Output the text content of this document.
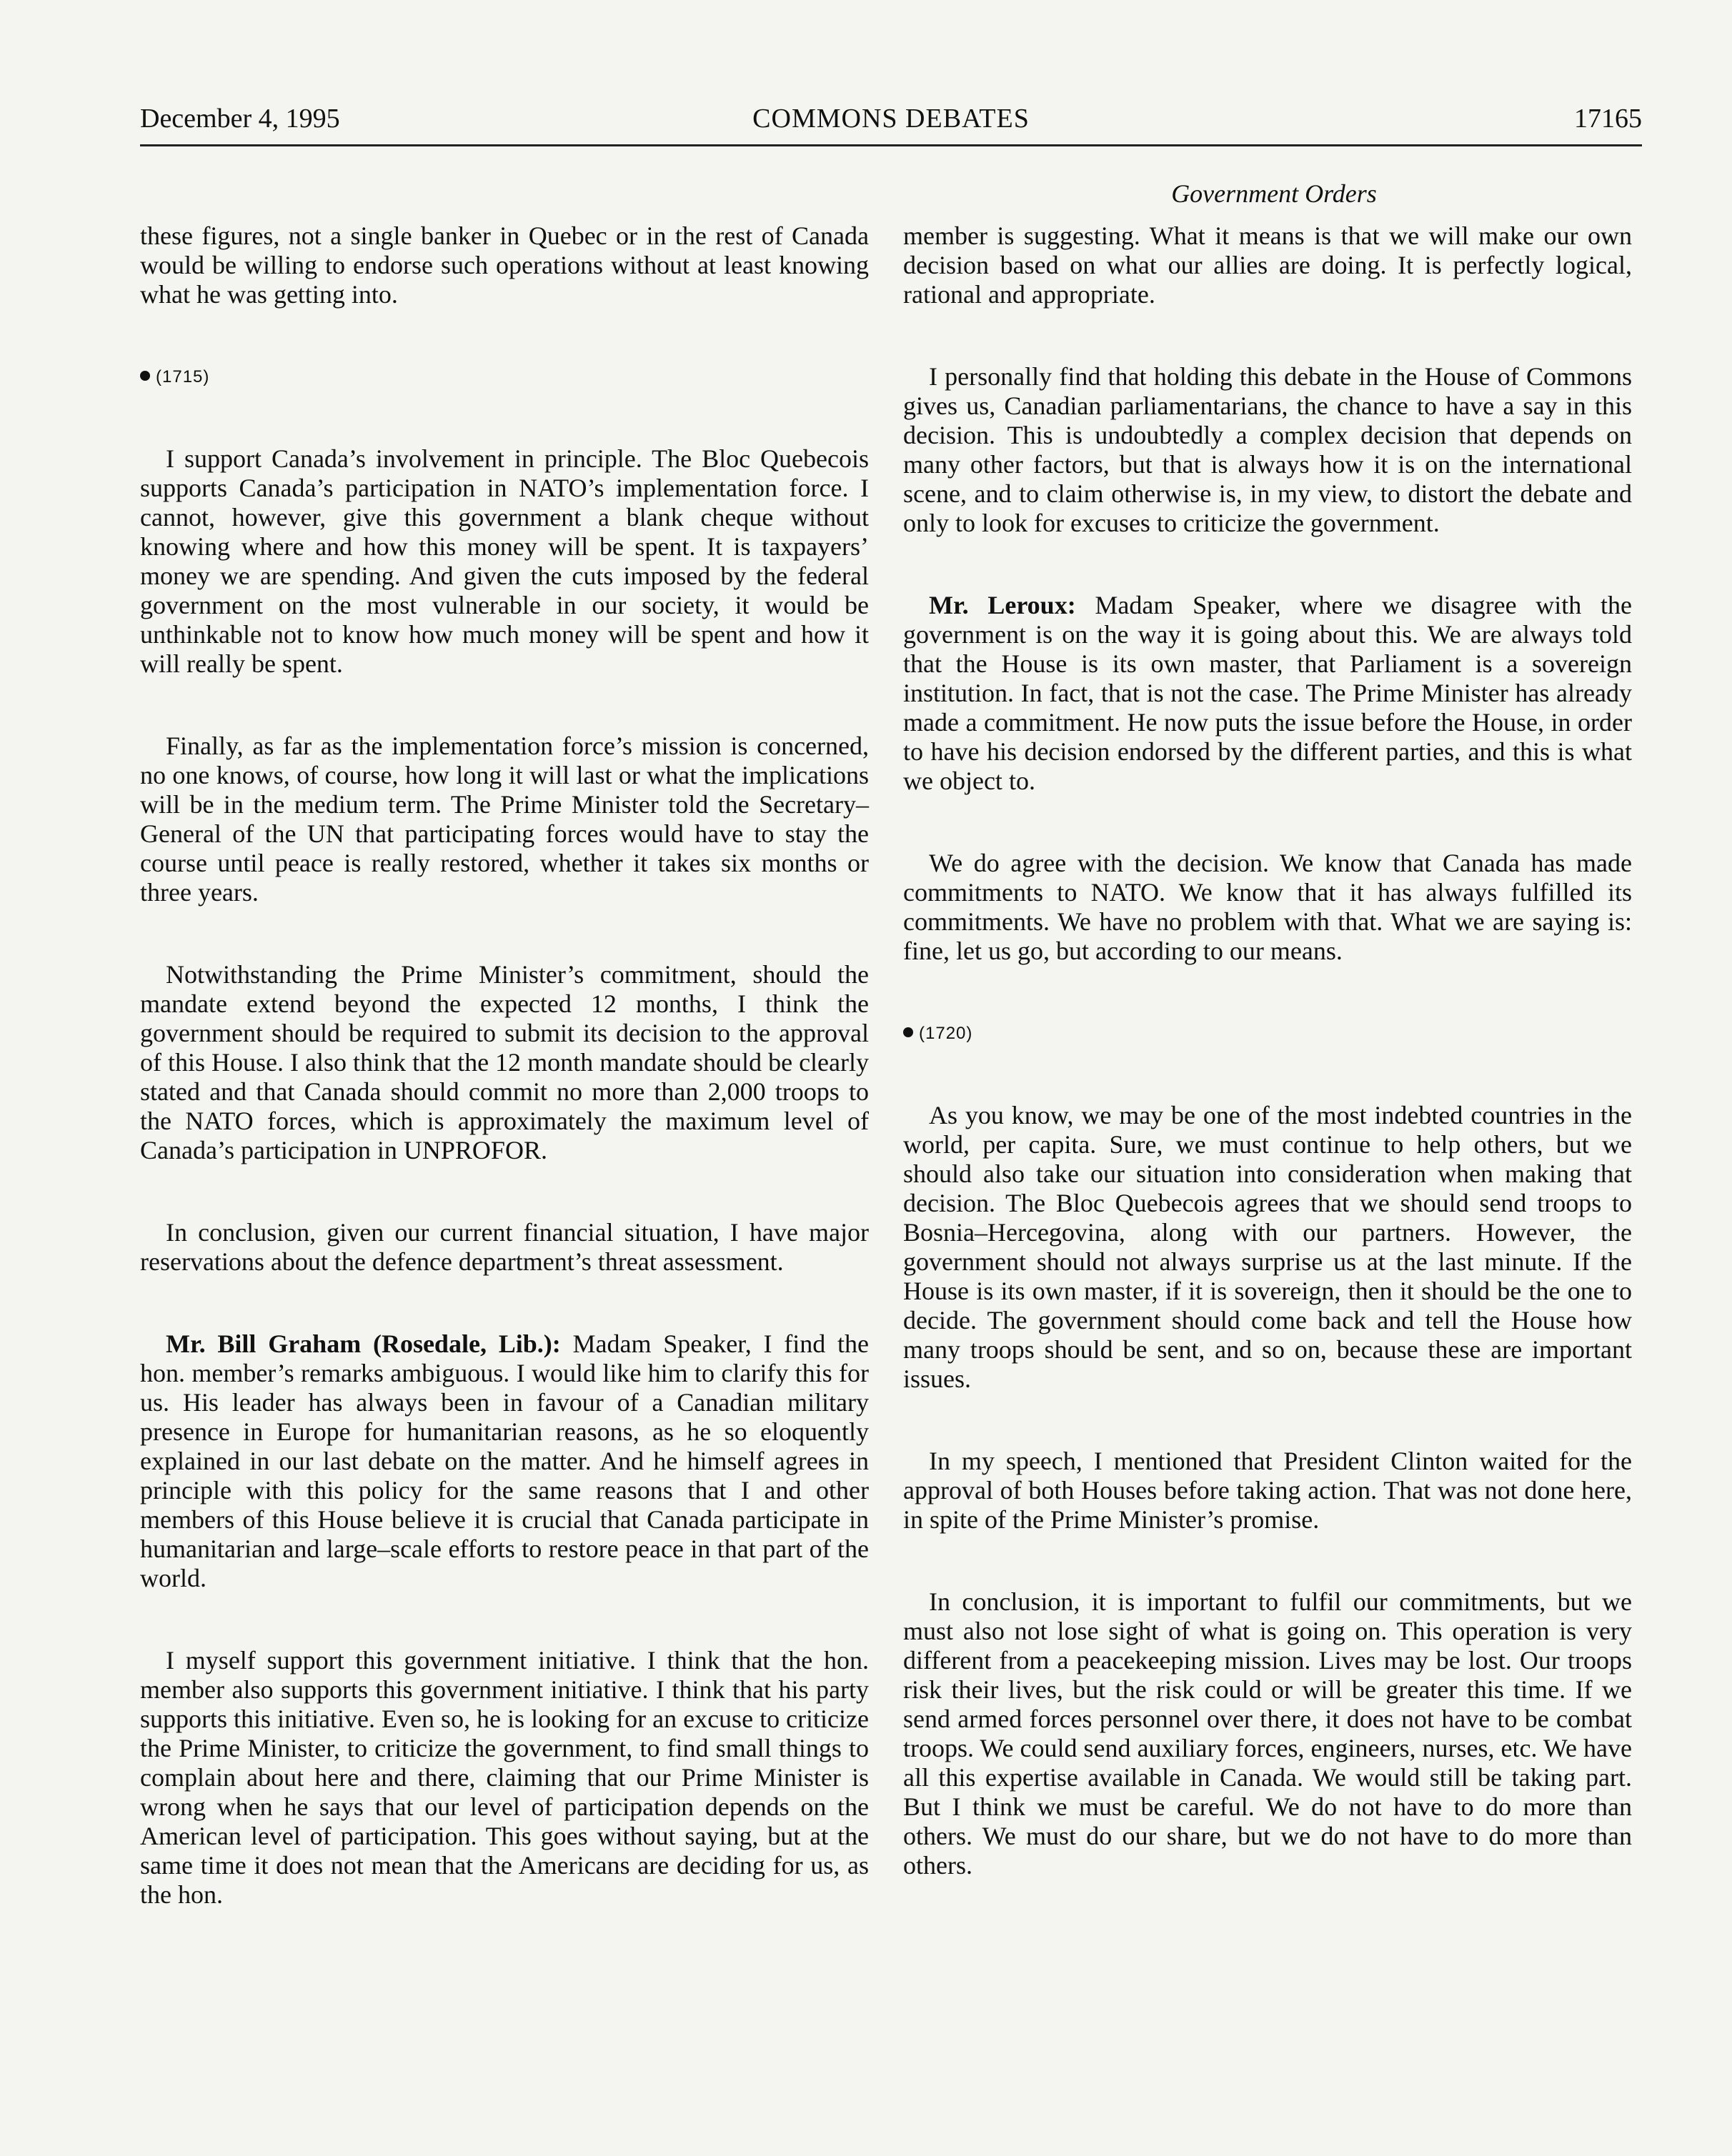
December 4, 1995	COMMONS DEBATES	17165
Government Orders

these figures, not a single banker in Quebec or in the rest of Canada would be willing to endorse such operations without at least knowing what he was getting into.

(1715)

I support Canada’s involvement in principle. The Bloc Quebecois supports Canada’s participation in NATO’s implementation force. I cannot, however, give this government a blank cheque without knowing where and how this money will be spent. It is taxpayers’ money we are spending. And given the cuts imposed by the federal government on the most vulnerable in our society, it would be unthinkable not to know how much money will be spent and how it will really be spent.

Finally, as far as the implementation force’s mission is concerned, no one knows, of course, how long it will last or what the implications will be in the medium term. The Prime Minister told the Secretary–General of the UN that participating forces would have to stay the course until peace is really restored, whether it takes six months or three years.

Notwithstanding the Prime Minister’s commitment, should the mandate extend beyond the expected 12 months, I think the government should be required to submit its decision to the approval of this House. I also think that the 12 month mandate should be clearly stated and that Canada should commit no more than 2,000 troops to the NATO forces, which is approximately the maximum level of Canada’s participation in UNPROFOR.

In conclusion, given our current financial situation, I have major reservations about the defence department’s threat assessment.

Mr. Bill Graham (Rosedale, Lib.): Madam Speaker, I find the hon. member’s remarks ambiguous. I would like him to clarify this for us. His leader has always been in favour of a Canadian military presence in Europe for humanitarian reasons, as he so eloquently explained in our last debate on the matter. And he himself agrees in principle with this policy for the same reasons that I and other members of this House believe it is crucial that Canada participate in humanitarian and large–scale efforts to restore peace in that part of the world.

I myself support this government initiative. I think that the hon. member also supports this government initiative. I think that his party supports this initiative. Even so, he is looking for an excuse to criticize the Prime Minister, to criticize the government, to find small things to complain about here and there, claiming that our Prime Minister is wrong when he says that our level of participation depends on the American level of participation. This goes without saying, but at the same time it does not mean that the Americans are deciding for us, as the hon.

member is suggesting. What it means is that we will make our own decision based on what our allies are doing. It is perfectly logical, rational and appropriate.

I personally find that holding this debate in the House of Commons gives us, Canadian parliamentarians, the chance to have a say in this decision. This is undoubtedly a complex decision that depends on many other factors, but that is always how it is on the international scene, and to claim otherwise is, in my view, to distort the debate and only to look for excuses to criticize the government.

Mr. Leroux: Madam Speaker, where we disagree with the government is on the way it is going about this. We are always told that the House is its own master, that Parliament is a sovereign institution. In fact, that is not the case. The Prime Minister has already made a commitment. He now puts the issue before the House, in order to have his decision endorsed by the different parties, and this is what we object to.

We do agree with the decision. We know that Canada has made commitments to NATO. We know that it has always fulfilled its commitments. We have no problem with that. What we are saying is: fine, let us go, but according to our means.

(1720)

As you know, we may be one of the most indebted countries in the world, per capita. Sure, we must continue to help others, but we should also take our situation into consideration when making that decision. The Bloc Quebecois agrees that we should send troops to Bosnia–Hercegovina, along with our partners. However, the government should not always surprise us at the last minute. If the House is its own master, if it is sovereign, then it should be the one to decide. The government should come back and tell the House how many troops should be sent, and so on, because these are important issues.

In my speech, I mentioned that President Clinton waited for the approval of both Houses before taking action. That was not done here, in spite of the Prime Minister’s promise.

In conclusion, it is important to fulfil our commitments, but we must also not lose sight of what is going on. This operation is very different from a peacekeeping mission. Lives may be lost. Our troops risk their lives, but the risk could or will be greater this time. If we send armed forces personnel over there, it does not have to be combat troops. We could send auxiliary forces, engineers, nurses, etc. We have all this expertise available in Canada. We would still be taking part. But I think we must be careful. We do not have to do more than others. We must do our share, but we do not have to do more than others.
